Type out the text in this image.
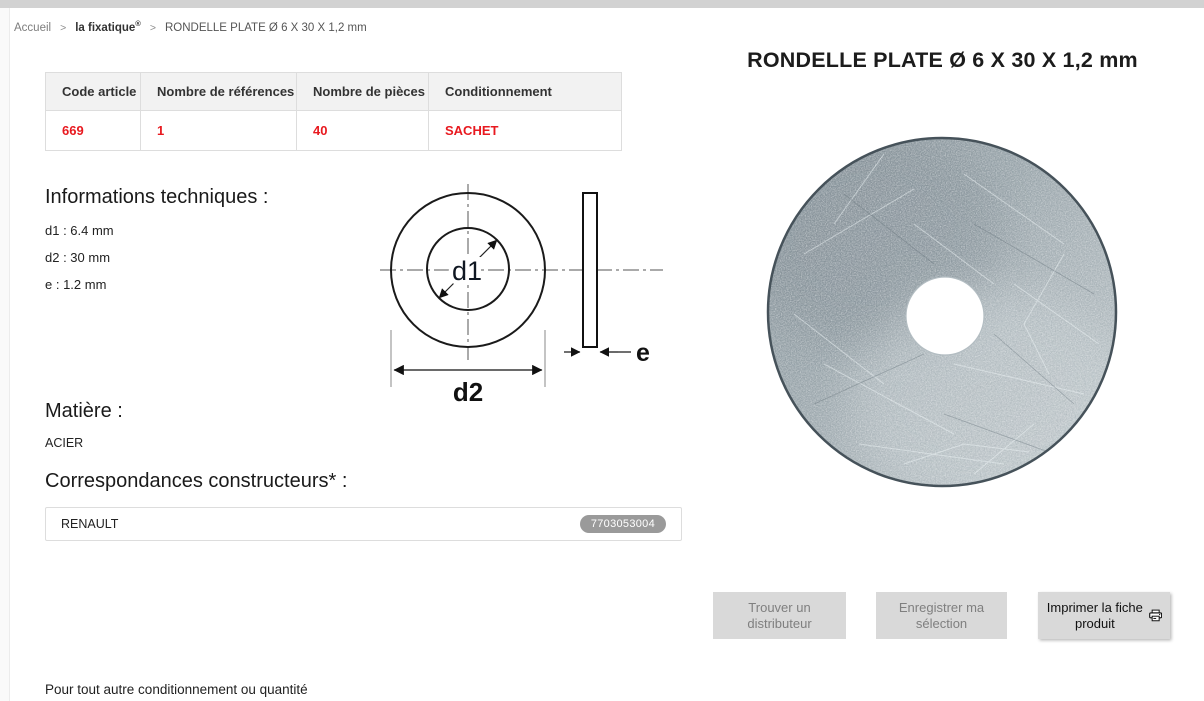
Accueil > la fixatique® > RONDELLE PLATE Ø 6 X 30 X 1,2 mm
Code article	Nombre de références	Nombre de pièces	Conditionnement
669	1	40	SACHET
Informations techniques :
d1 : 6.4 mm
d2 : 30 mm
e : 1.2 mm	d1
d2
e
Matière :
ACIER
Correspondances constructeurs* :
RENAULT	7703053004
RONDELLE PLATE Ø 6 X 30 X 1,2 mm
Trouver un distributeur
Enregistrer ma sélection
Imprimer la fiche produit
Pour tout autre conditionnement ou quantité
